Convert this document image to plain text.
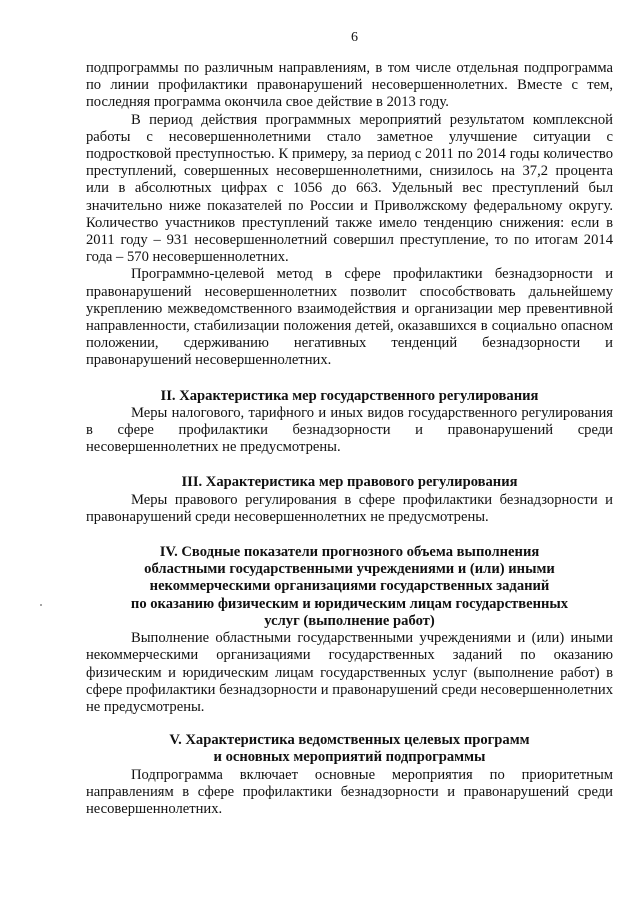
6

подпрограммы по различным направлениям, в том числе отдельная подпрограмма по линии профилактики правонарушений несовершеннолетних. Вместе с тем, последняя программа окончила свое действие в 2013 году.

В период действия программных мероприятий результатом комплексной работы с несовершеннолетними стало заметное улучшение ситуации с подростковой преступностью. К примеру, за период с 2011 по 2014 годы количество преступлений, совершенных несовершеннолетними, снизилось на 37,2 процента или в абсолютных цифрах с 1056 до 663. Удельный вес преступлений был значительно ниже показателей по России и Приволжскому федеральному округу. Количество участников преступлений также имело тенденцию снижения: если в 2011 году – 931 несовершеннолетний совершил преступление, то по итогам 2014 года – 570 несовершеннолетних.

Программно-целевой метод в сфере профилактики безнадзорности и правонарушений несовершеннолетних позволит способствовать дальнейшему укреплению межведомственного взаимодействия и организации мер превентивной направленности, стабилизации положения детей, оказавшихся в социально опасном положении, сдерживанию негативных тенденций безнадзорности и правонарушений несовершеннолетних.

II. Характеристика мер государственного регулирования

Меры налогового, тарифного и иных видов государственного регулирования в сфере профилактики безнадзорности и правонарушений среди несовершеннолетних не предусмотрены.

III. Характеристика мер правового регулирования

Меры правового регулирования в сфере профилактики безнадзорности и правонарушений среди несовершеннолетних не предусмотрены.

IV. Сводные показатели прогнозного объема выполнения
областными государственными учреждениями и (или) иными
некоммерческими организациями государственных заданий
по оказанию физическим и юридическим лицам государственных
услуг (выполнение работ)

Выполнение областными государственными учреждениями и (или) иными некоммерческими организациями государственных заданий по оказанию физическим и юридическим лицам государственных услуг (выполнение работ) в сфере профилактики безнадзорности и правонарушений среди несовершеннолетних не предусмотрены.

V. Характеристика ведомственных целевых программ
и основных мероприятий подпрограммы

Подпрограмма включает основные мероприятия по приоритетным направлениям в сфере профилактики безнадзорности и правонарушений среди несовершеннолетних.
